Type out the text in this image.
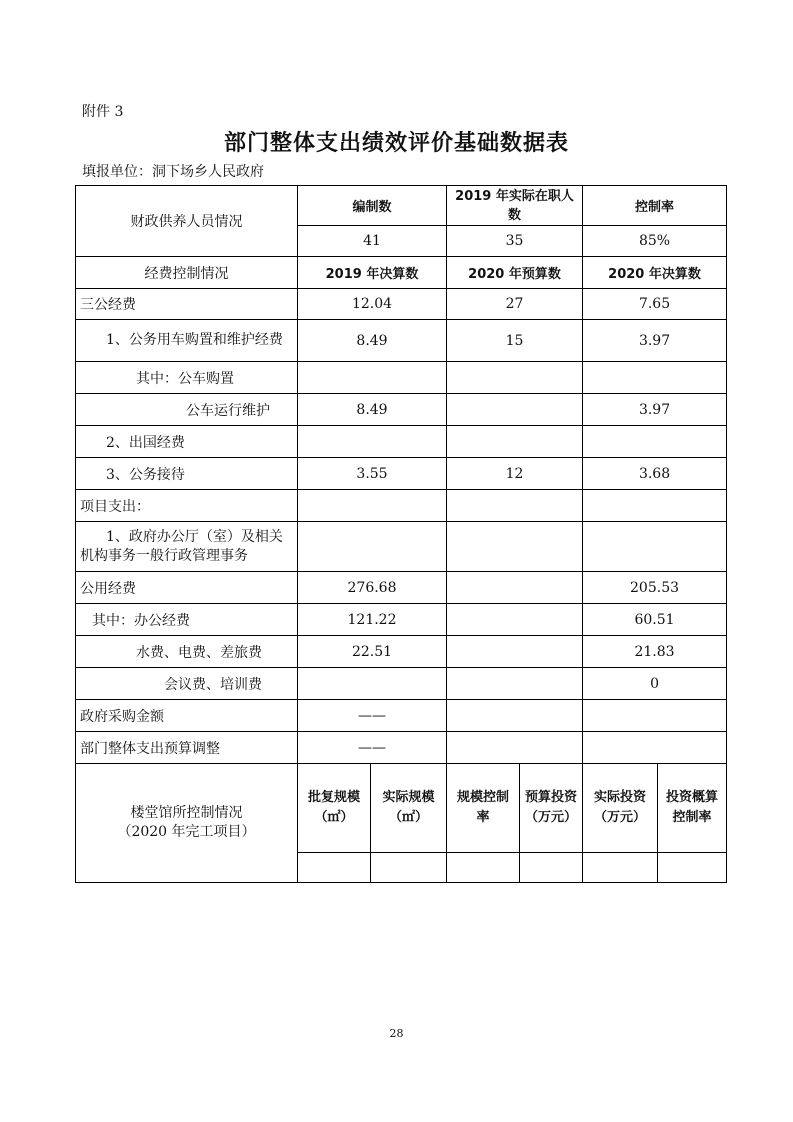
附件 3
部门整体支出绩效评价基础数据表
填报单位：洞下场乡人民政府
财政供养人员情况	编制数		2019 年实际在职人数		控制率	
	41		35		85%	
经费控制情况	2019 年决算数		2020 年预算数		2020 年决算数	
三公经费	12.04		27		7.65	
1、公务用车购置和维护经费	8.49		15		3.97	
其中：公车购置						
公车运行维护	8.49				3.97	
2、出国经费						
3、公务接待	3.55		12		3.68	
项目支出：						
1、政府办公厅（室）及相关机构事务一般行政管理事务						
公用经费	276.68				205.53	
其中：办公经费	121.22				60.51	
水费、电费、差旅费	22.51				21.83	
会议费、培训费					0	
政府采购金额	——					
部门整体支出预算调整	——					

楼堂馆所控制情况
（2020 年完工项目）	批复规模（㎡）	实际规模（㎡）	规模控制率	预算投资（万元）	实际投资（万元）	投资概算控制率

28
